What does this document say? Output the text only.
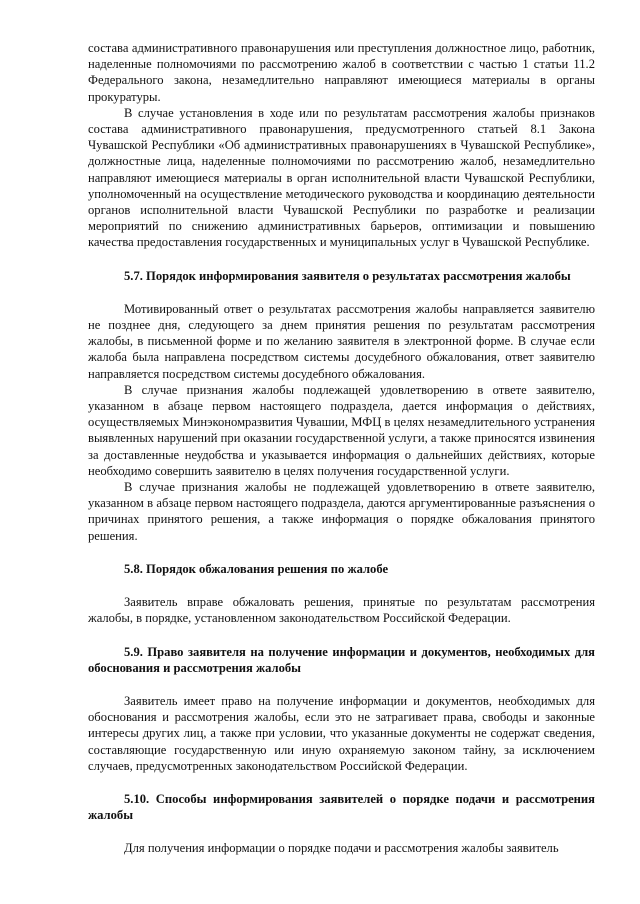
состава административного правонарушения или преступления должностное лицо, работник, наделенные полномочиями по рассмотрению жалоб в соответствии с частью 1 статьи 11.2 Федерального закона, незамедлительно направляют имеющиеся материалы в органы прокуратуры.

В случае установления в ходе или по результатам рассмотрения жалобы признаков состава административного правонарушения, предусмотренного статьей 8.1 Закона Чувашской Республики «Об административных правонарушениях в Чувашской Республике», должностные лица, наделенные полномочиями по рассмотрению жалоб, незамедлительно направляют имеющиеся материалы в орган исполнительной власти Чувашской Республики, уполномоченный на осуществление методического руководства и координацию деятельности органов исполнительной власти Чувашской Республики по разработке и реализации мероприятий по снижению административных барьеров, оптимизации и повышению качества предоставления государственных и муниципальных услуг в Чувашской Республике.

5.7. Порядок информирования заявителя о результатах рассмотрения жалобы

Мотивированный ответ о результатах рассмотрения жалобы направляется заявителю не позднее дня, следующего за днем принятия решения по результатам рассмотрения жалобы, в письменной форме и по желанию заявителя в электронной форме. В случае если жалоба была направлена посредством системы досудебного обжалования, ответ заявителю направляется посредством системы досудебного обжалования.

В случае признания жалобы подлежащей удовлетворению в ответе заявителю, указанном в абзаце первом настоящего подраздела, дается информация о действиях, осуществляемых Минэкономразвития Чувашии, МФЦ в целях незамедлительного устранения выявленных нарушений при оказании государственной услуги, а также приносятся извинения за доставленные неудобства и указывается информация о дальнейших действиях, которые необходимо совершить заявителю в целях получения государственной услуги.

В случае признания жалобы не подлежащей удовлетворению в ответе заявителю, указанном в абзаце первом настоящего подраздела, даются аргументированные разъяснения о причинах принятого решения, а также информация о порядке обжалования принятого решения.

5.8. Порядок обжалования решения по жалобе

Заявитель вправе обжаловать решения, принятые по результатам рассмотрения жалобы, в порядке, установленном законодательством Российской Федерации.

5.9. Право заявителя на получение информации и документов, необходимых для обоснования и рассмотрения жалобы

Заявитель имеет право на получение информации и документов, необходимых для обоснования и рассмотрения жалобы, если это не затрагивает права, свободы и законные интересы других лиц, а также при условии, что указанные документы не содержат сведения, составляющие государственную или иную охраняемую законом тайну, за исключением случаев, предусмотренных законодательством Российской Федерации.

5.10. Способы информирования заявителей о порядке подачи и рассмотрения жалобы

Для получения информации о порядке подачи и рассмотрения жалобы заявитель
